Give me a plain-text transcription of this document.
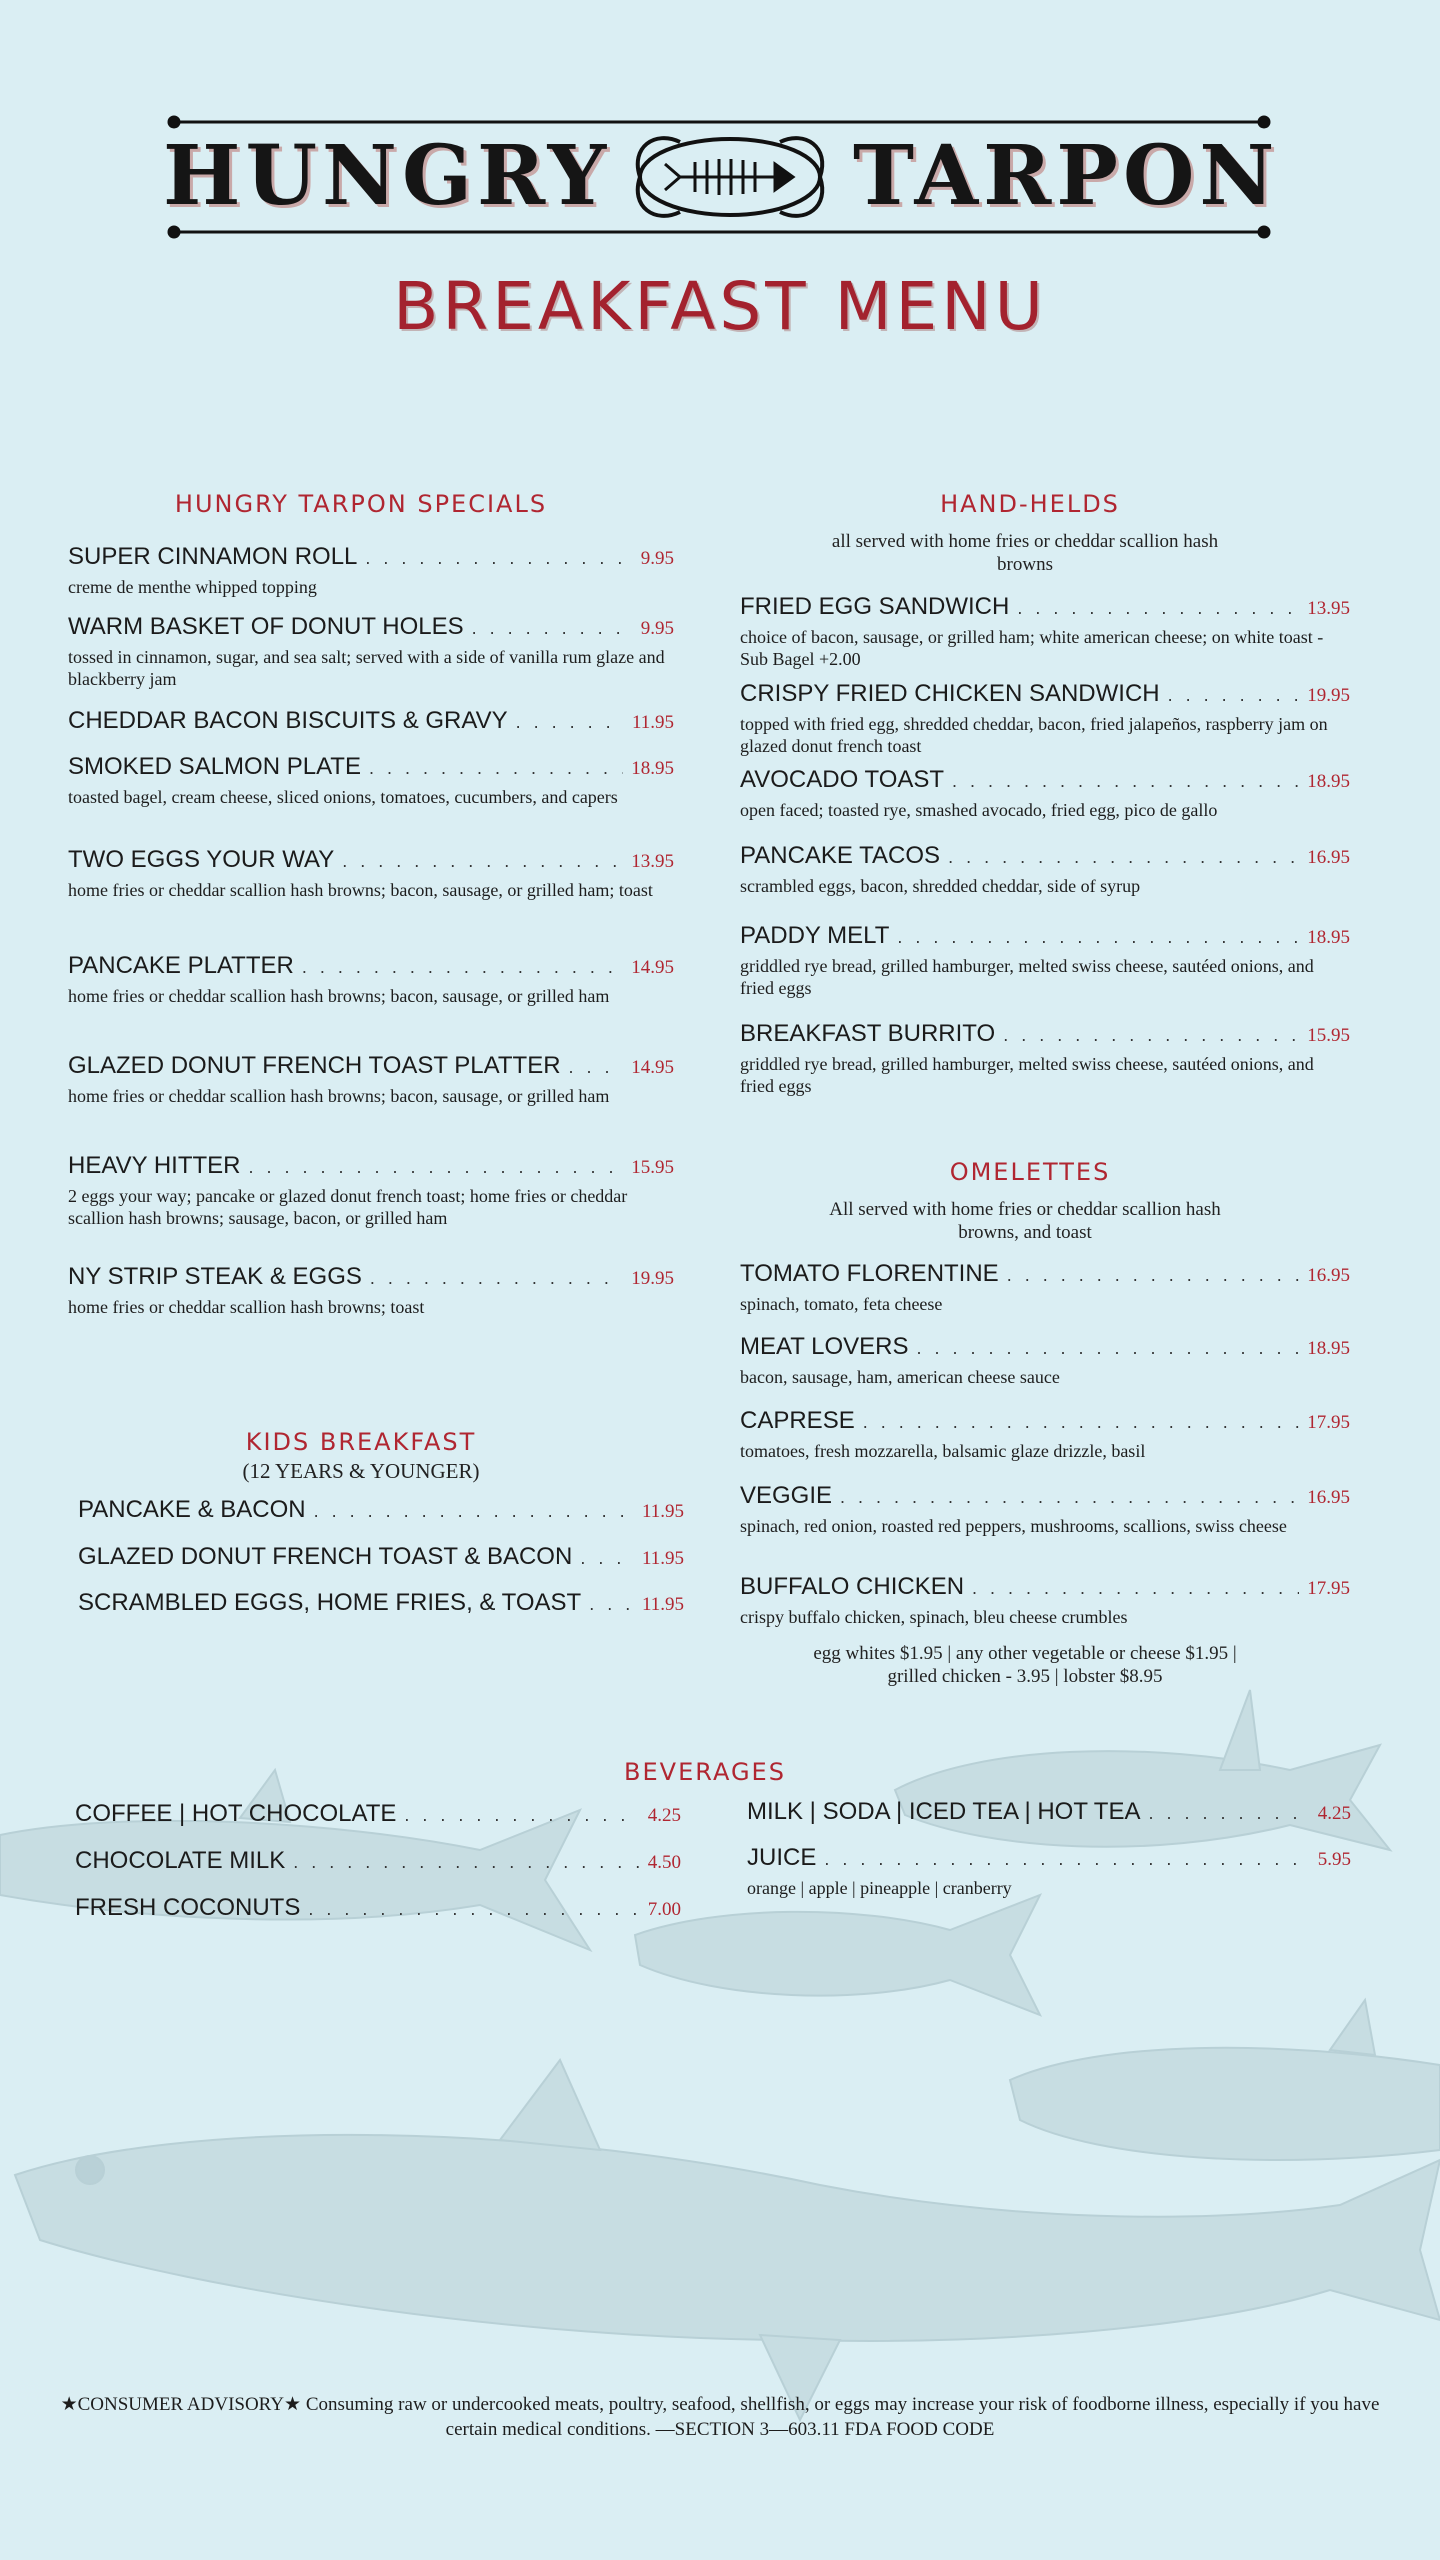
HUNGRY	TARPON
BREAKFAST MENU
HUNGRY TARPON SPECIALS
SUPER CINNAMON ROLL . . .	9.95
creme de menthe whipped topping
WARM BASKET OF DONUT HOLES . . .	9.95
tossed in cinnamon, sugar, and sea salt; served with a side of vanilla rum glaze and blackberry jam
CHEDDAR BACON BISCUITS & GRAVY . . .	11.95
SMOKED SALMON PLATE . . .	18.95
toasted bagel, cream cheese, sliced onions, tomatoes, cucumbers, and capers
TWO EGGS YOUR WAY . . .	13.95
home fries or cheddar scallion hash browns; bacon, sausage, or grilled ham; toast
PANCAKE PLATTER . . .	14.95
home fries or cheddar scallion hash browns; bacon, sausage, or grilled ham
GLAZED DONUT FRENCH TOAST PLATTER . . .	14.95
home fries or cheddar scallion hash browns; bacon, sausage, or grilled ham
HEAVY HITTER . . .	15.95
2 eggs your way; pancake or glazed donut french toast; home fries or cheddar scallion hash browns; sausage, bacon, or grilled ham
NY STRIP STEAK & EGGS . . .	19.95
home fries or cheddar scallion hash browns; toast
KIDS BREAKFAST
(12 YEARS & YOUNGER)
PANCAKE & BACON . . .	11.95
GLAZED DONUT FRENCH TOAST & BACON . . .	11.95
SCRAMBLED EGGS, HOME FRIES, & TOAST . . .	11.95
HAND-HELDS
all served with home fries or cheddar scallion hash browns
FRIED EGG SANDWICH . . .	13.95
choice of bacon, sausage, or grilled ham; white american cheese; on white toast - Sub Bagel +2.00
CRISPY FRIED CHICKEN SANDWICH . . .	19.95
topped with fried egg, shredded cheddar, bacon, fried jalapeños, raspberry jam on glazed donut french toast
AVOCADO TOAST . . .	18.95
open faced; toasted rye, smashed avocado, fried egg, pico de gallo
PANCAKE TACOS . . .	16.95
scrambled eggs, bacon, shredded cheddar, side of syrup
PADDY MELT . . .	18.95
griddled rye bread, grilled hamburger, melted swiss cheese, sautéed onions, and fried eggs
BREAKFAST BURRITO . . .	15.95
griddled rye bread, grilled hamburger, melted swiss cheese, sautéed onions, and fried eggs
OMELETTES
All served with home fries or cheddar scallion hash browns, and toast
TOMATO FLORENTINE . . .	16.95
spinach, tomato, feta cheese
MEAT LOVERS . . .	18.95
bacon, sausage, ham, american cheese sauce
CAPRESE . . .	17.95
tomatoes, fresh mozzarella, balsamic glaze drizzle, basil
VEGGIE . . .	16.95
spinach, red onion, roasted red peppers, mushrooms, scallions, swiss cheese
BUFFALO CHICKEN . . .	17.95
crispy buffalo chicken, spinach, bleu cheese crumbles
egg whites $1.95 | any other vegetable or cheese $1.95 | grilled chicken - 3.95 | lobster $8.95
BEVERAGES
COFFEE | HOT CHOCOLATE . . .	4.25
CHOCOLATE MILK . . .	4.50
FRESH COCONUTS . . .	7.00
MILK | SODA | ICED TEA | HOT TEA . . .	4.25
JUICE . . .	5.95
orange | apple | pineapple | cranberry
★CONSUMER ADVISORY★ Consuming raw or undercooked meats, poultry, seafood, shellfish, or eggs may increase your risk of foodborne illness, especially if you have certain medical conditions. —SECTION 3—603.11 FDA FOOD CODE
